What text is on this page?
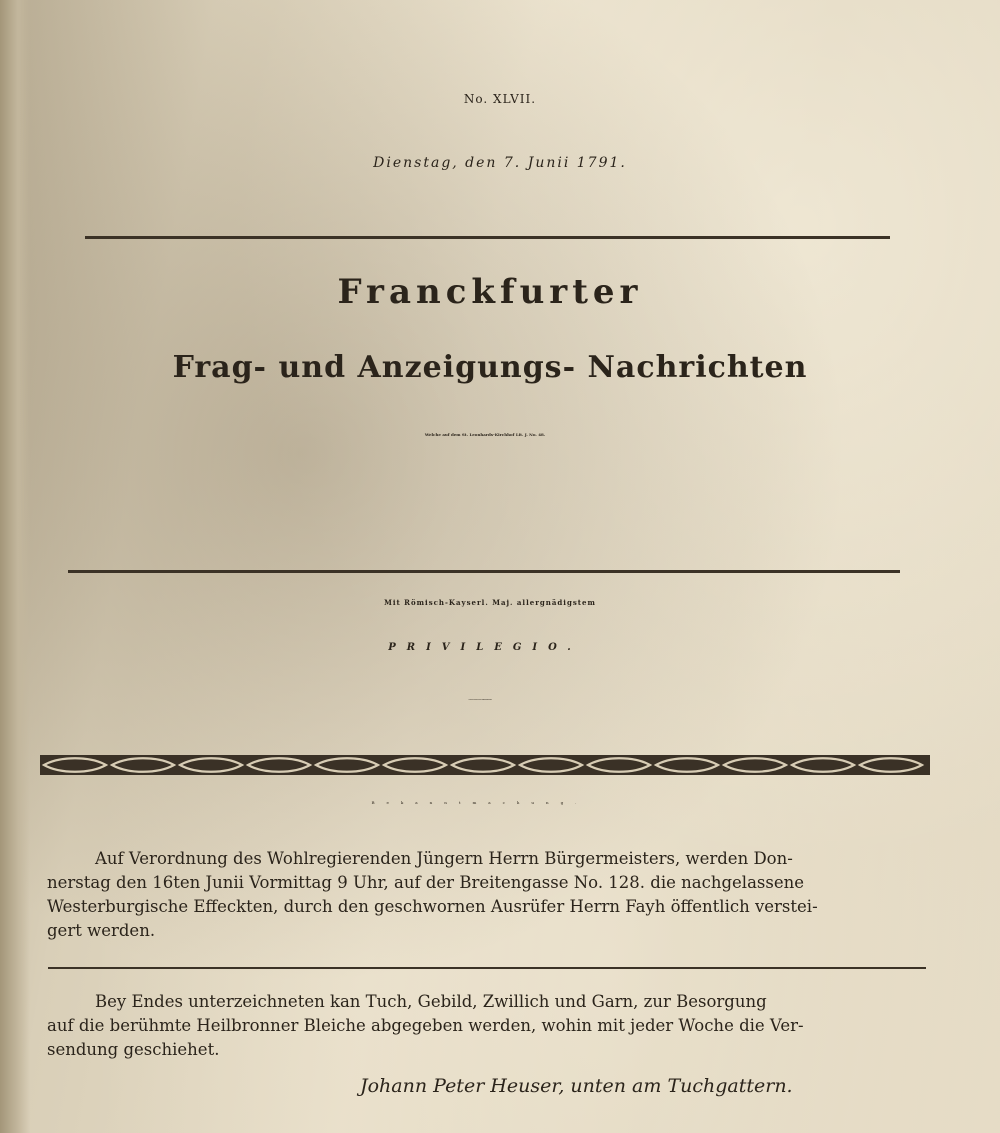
No. XLVII.
Dienstag, den 7. Junii 1791.
Franckfurter
Frag- und Anzeigungs- Nachrichten
Welche auf dem St. Leonhards-Kirchhof Lit. J. No. 48.
Mit Römisch-Kayserl. Maj. allergnädigstem
PRIVILEGIO.
Wie auch eines Hochedlen und Hochweisen Magistrats grosgünstiger Bewilligung.
Bekanntmachung.
Auf Verordnung des Wohlregierenden Jüngern Herrn Bürgermeisters, werden Don-
nerstag den 16ten Junii Vormittag 9 Uhr, auf der Breitengasse No. 128. die nachgelassene
Westerburgische Effeckten, durch den geschwornen Ausrüfer Herrn Fayh öffentlich verstei-
gert werden.
Bey Endes unterzeichneten kan Tuch, Gebild, Zwillich und Garn, zur Besorgung
auf die berühmte Heilbronner Bleiche abgegeben werden, wohin mit jeder Woche die Ver-
sendung geschiehet.
Johann Peter Heuser, unten am Tuchgattern.
